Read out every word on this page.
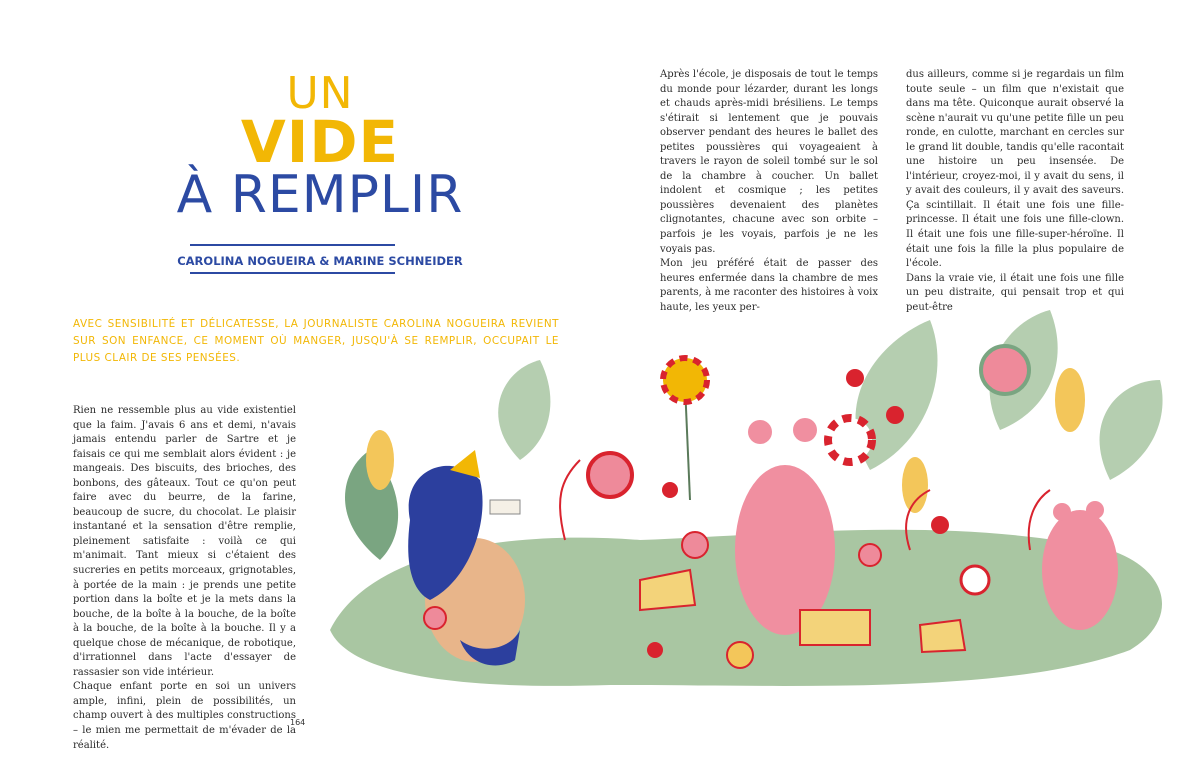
UN
VIDE
À REMPLIR
CAROLINA NOGUEIRA & MARINE SCHNEIDER
AVEC SENSIBILITÉ ET DÉLICATESSE, LA JOURNALISTE CAROLINA NOGUEIRA REVIENT SUR SON ENFANCE, CE MOMENT OÙ MANGER, JUSQU'À SE REMPLIR, OCCUPAIT LE PLUS CLAIR DE SES PENSÉES.

Rien ne ressemble plus au vide existentiel que la faim. J'avais 6 ans et demi, n'avais jamais entendu parler de Sartre et je faisais ce qui me semblait alors évident : je mangeais. Des biscuits, des brioches, des bonbons, des gâteaux. Tout ce qu'on peut faire avec du beurre, de la farine, beaucoup de sucre, du chocolat. Le plaisir instantané et la sensation d'être remplie, pleinement satisfaite : voilà ce qui m'animait. Tant mieux si c'étaient des sucreries en petits morceaux, grignotables, à portée de la main : je prends une petite portion dans la boîte et je la mets dans la bouche, de la boîte à la bouche, de la boîte à la bouche, de la boîte à la bouche. Il y a quelque chose de mécanique, de robotique, d'irrationnel dans l'acte d'essayer de rassasier son vide intérieur.

Chaque enfant porte en soi un univers ample, infini, plein de possibilités, un champ ouvert à des multiples constructions – le mien me permettait de m'évader de la réalité.

Après l'école, je disposais de tout le temps du monde pour lézarder, durant les longs et chauds après-midi brésiliens. Le temps s'étirait si lentement que je pouvais observer pendant des heures le ballet des petites poussières qui voyageaient à travers le rayon de soleil tombé sur le sol de la chambre à coucher. Un ballet indolent et cosmique ; les petites poussières devenaient des planètes clignotantes, chacune avec son orbite – parfois je les voyais, parfois je ne les voyais pas.

Mon jeu préféré était de passer des heures enfermée dans la chambre de mes parents, à me raconter des histoires à voix haute, les yeux per-

dus ailleurs, comme si je regardais un film toute seule – un film que n'existait que dans ma tête. Quiconque aurait observé la scène n'aurait vu qu'une petite fille un peu ronde, en culotte, marchant en cercles sur le grand lit double, tandis qu'elle racontait une histoire un peu insensée. De l'intérieur, croyez-moi, il y avait du sens, il y avait des couleurs, il y avait des saveurs. Ça scintillait. Il était une fois une fille-princesse. Il était une fois une fille-clown. Il était une fois une fille-super-héroïne. Il était une fois la fille la plus populaire de l'école.

Dans la vraie vie, il était une fois une fille un peu distraite, qui pensait trop et qui peut-être

164
